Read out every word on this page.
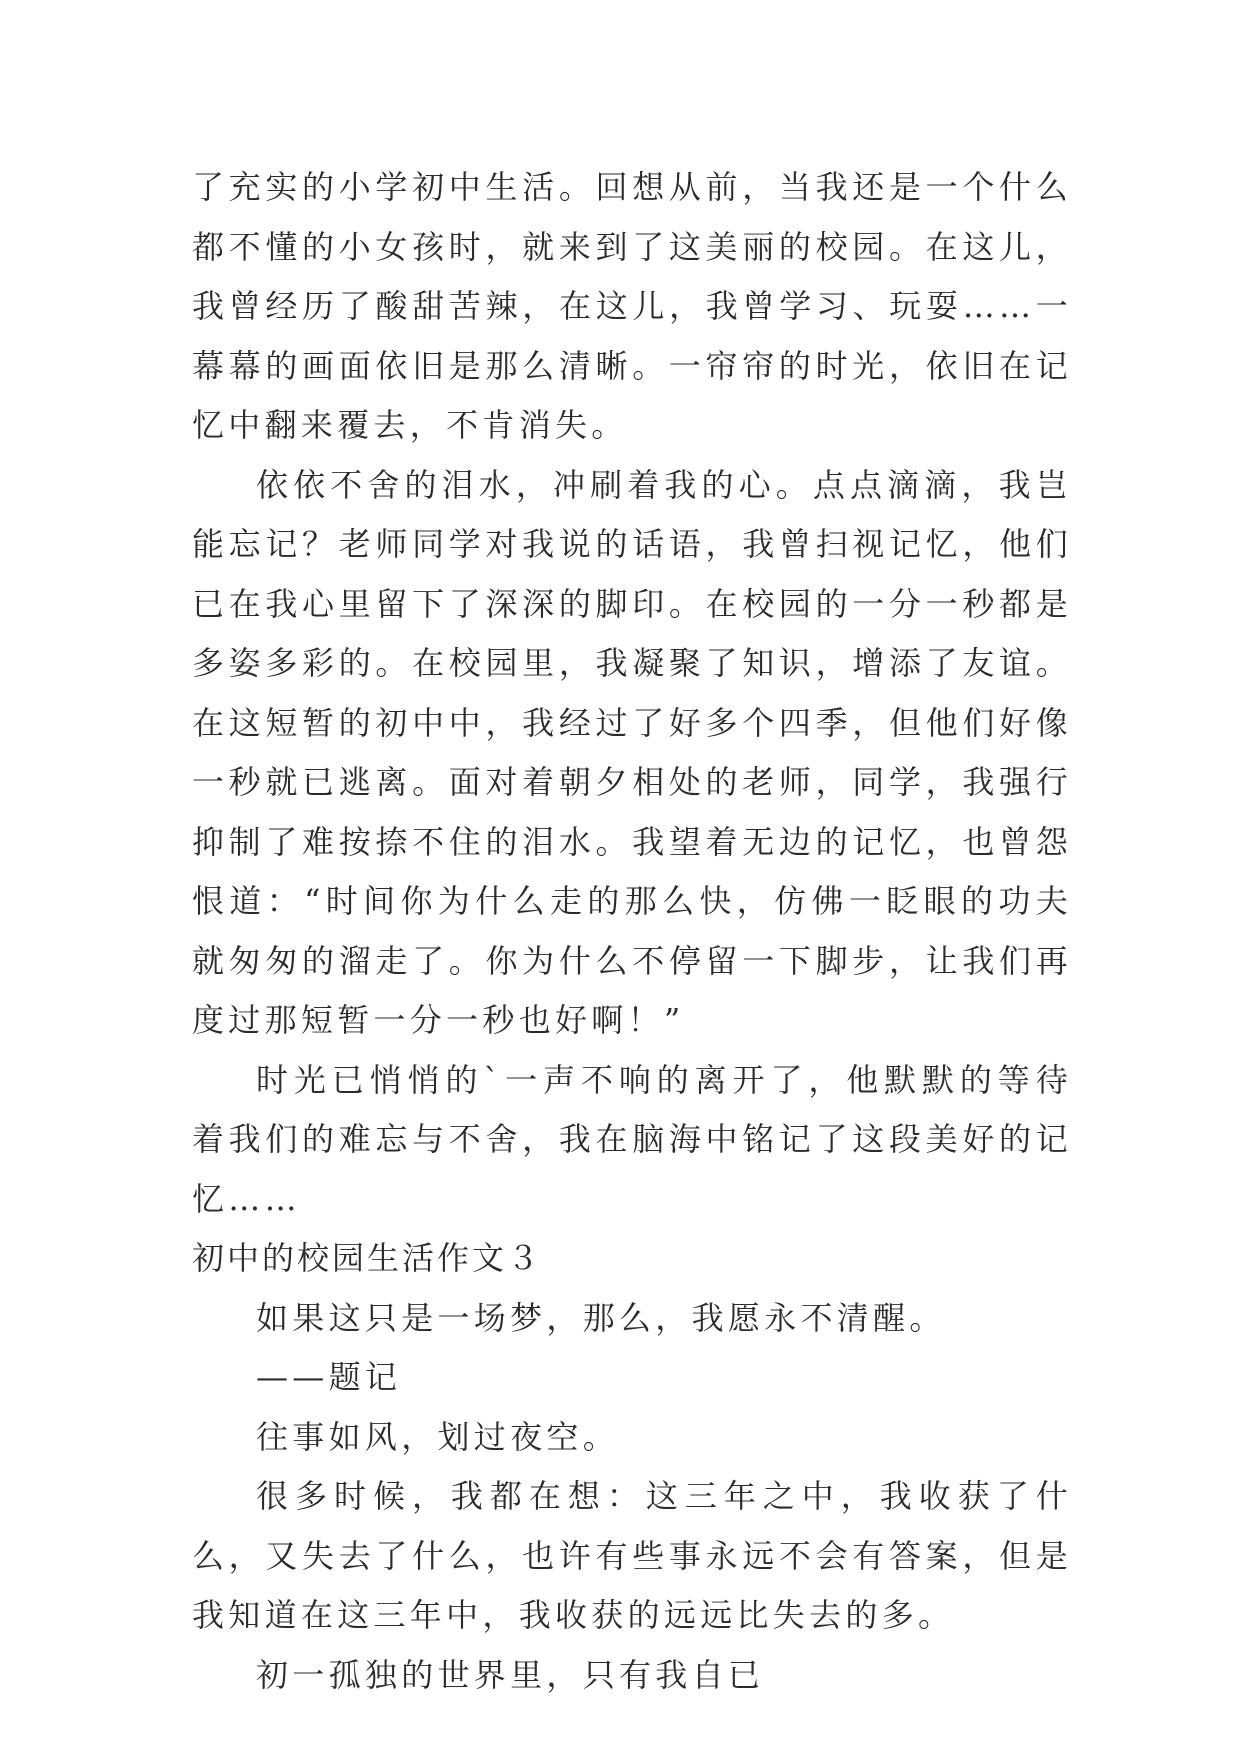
了充实的小学初中生活。回想从前，当我还是一个什么都不懂的小女孩时，就来到了这美丽的校园。在这儿，我曾经历了酸甜苦辣，在这儿，我曾学习、玩耍……一幕幕的画面依旧是那么清晰。一帘帘的时光，依旧在记忆中翻来覆去，不肯消失。

依依不舍的泪水，冲刷着我的心。点点滴滴，我岂能忘记？老师同学对我说的话语，我曾扫视记忆，他们已在我心里留下了深深的脚印。在校园的一分一秒都是多姿多彩的。在校园里，我凝聚了知识，增添了友谊。在这短暂的初中中，我经过了好多个四季，但他们好像一秒就已逃离。面对着朝夕相处的老师，同学，我强行抑制了难按捺不住的泪水。我望着无边的记忆，也曾怨恨道：“时间你为什么走的那么快，仿佛一眨眼的功夫就匆匆的溜走了。你为什么不停留一下脚步，让我们再度过那短暂一分一秒也好啊！”

时光已悄悄的`一声不响的离开了，他默默的等待着我们的难忘与不舍，我在脑海中铭记了这段美好的记忆……

初中的校园生活作文３

如果这只是一场梦，那么，我愿永不清醒。

——题记

往事如风，划过夜空。

很多时候，我都在想：这三年之中，我收获了什么，又失去了什么，也许有些事永远不会有答案，但是我知道在这三年中，我收获的远远比失去的多。

初一孤独的世界里，只有我自已
